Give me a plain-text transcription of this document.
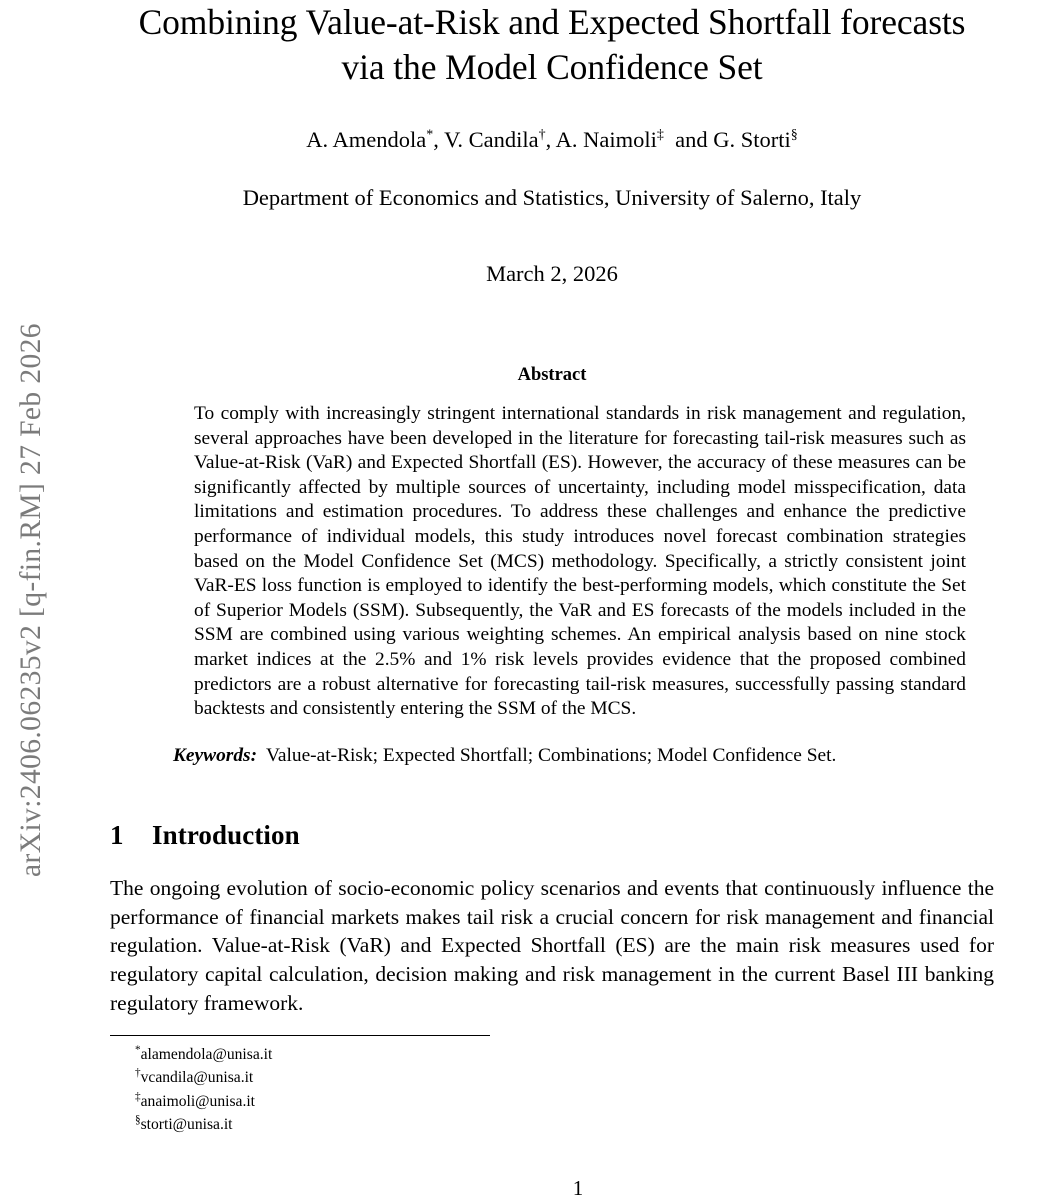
arXiv:2406.06235v2 [q-fin.RM] 27 Feb 2026
Combining Value-at-Risk and Expected Shortfall forecasts
via the Model Confidence Set
A. Amendola*, V. Candila†, A. Naimoli‡  and G. Storti§
Department of Economics and Statistics, University of Salerno, Italy
March 2, 2026
Abstract

To comply with increasingly stringent international standards in risk management and regulation, several approaches have been developed in the literature for forecasting tail-risk measures such as Value-at-Risk (VaR) and Expected Shortfall (ES). However, the accuracy of these measures can be significantly affected by multiple sources of uncertainty, including model misspecification, data limitations and estimation procedures. To address these challenges and enhance the predictive performance of individual models, this study introduces novel forecast combination strategies based on the Model Confidence Set (MCS) methodology. Specifically, a strictly consistent joint VaR-ES loss function is employed to identify the best-performing models, which constitute the Set of Superior Models (SSM). Subsequently, the VaR and ES forecasts of the models included in the SSM are combined using various weighting schemes. An empirical analysis based on nine stock market indices at the 2.5% and 1% risk levels provides evidence that the proposed combined predictors are a robust alternative for forecasting tail-risk measures, successfully passing standard backtests and consistently entering the SSM of the MCS.

Keywords: Value-at-Risk; Expected Shortfall; Combinations; Model Confidence Set.
1 Introduction

The ongoing evolution of socio-economic policy scenarios and events that continuously influence the performance of financial markets makes tail risk a crucial concern for risk management and financial regulation. Value-at-Risk (VaR) and Expected Shortfall (ES) are the main risk measures used for regulatory capital calculation, decision making and risk management in the current Basel III banking regulatory framework.

*alamendola@unisa.it
†vcandila@unisa.it
‡anaimoli@unisa.it
§storti@unisa.it
1
